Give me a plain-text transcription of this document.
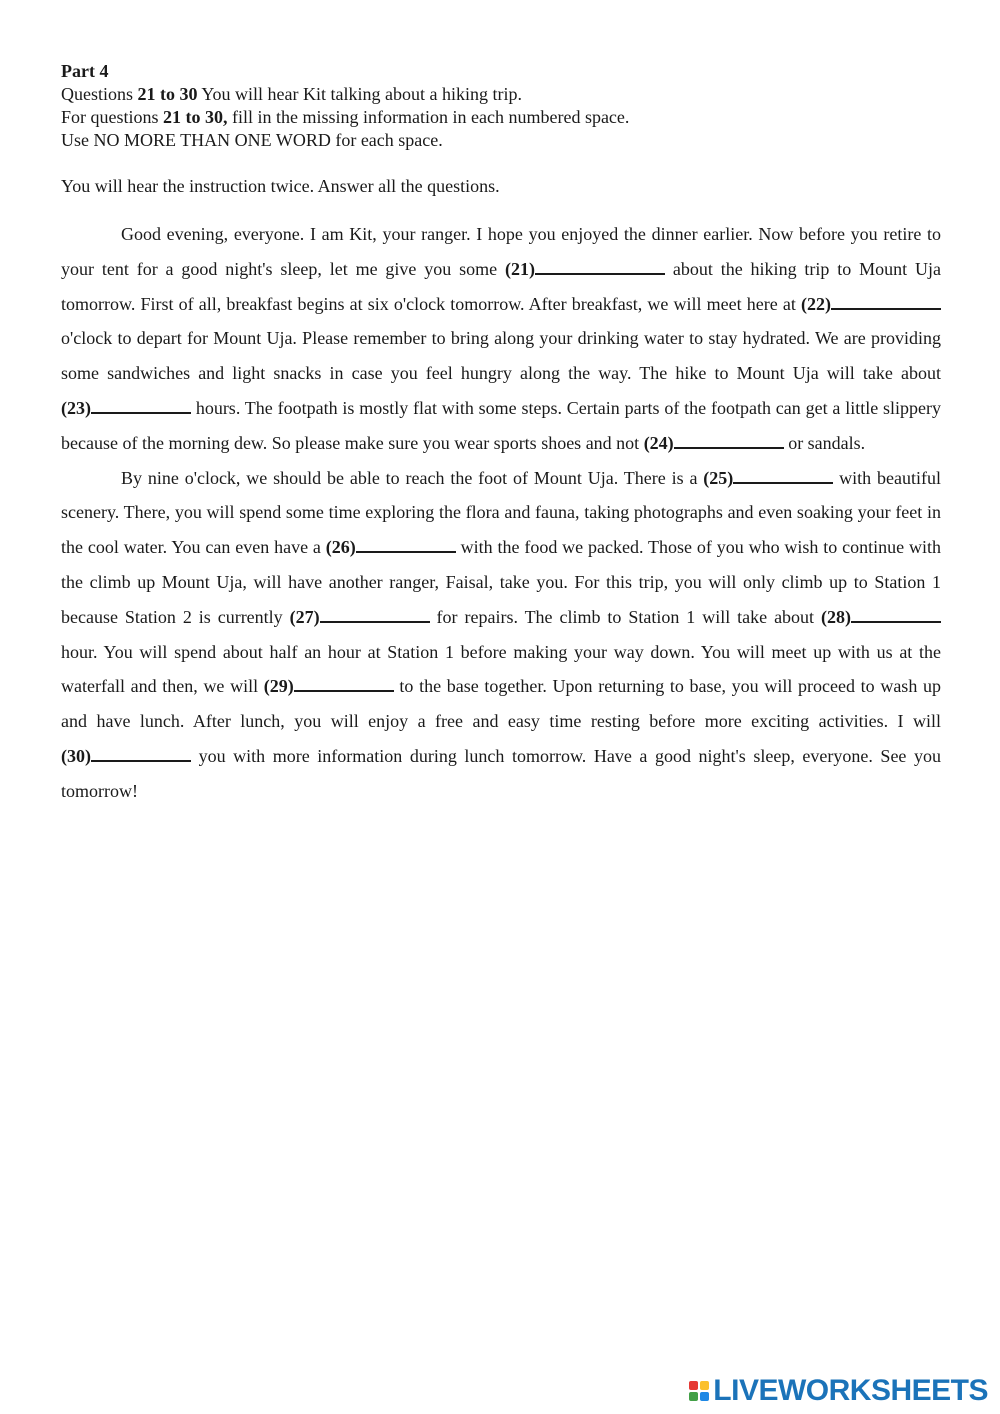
Part 4

Questions 21 to 30 You will hear Kit talking about a hiking trip.

For questions 21 to 30, fill in the missing information in each numbered space.

Use NO MORE THAN ONE WORD for each space.

You will hear the instruction twice. Answer all the questions.

Good evening, everyone. I am Kit, your ranger. I hope you enjoyed the dinner earlier. Now before you retire to your tent for a good night's sleep, let me give you some (21)	about the hiking trip to Mount Uja tomorrow. First of all, breakfast begins at six o'clock tomorrow. After breakfast, we will meet here at (22) o'clock to depart for Mount Uja. Please remember to bring along your drinking water to stay hydrated. We are providing some sandwiches and light snacks in case you feel hungry along the way. The hike to Mount Uja will take about (23)	hours. The footpath is mostly flat with some steps. Certain parts of the footpath can get a little slippery because of the morning dew. So please make sure you wear sports shoes and not (24)	or sandals.

By nine o'clock, we should be able to reach the foot of Mount Uja. There is a (25)	with beautiful scenery. There, you will spend some time exploring the flora and fauna, taking photographs and even soaking your feet in the cool water. You can even have a (26)	with the food we packed. Those of you who wish to continue with the climb up Mount Uja, will have another ranger, Faisal, take you. For this trip, you will only climb up to Station 1 because Station 2 is currently (27)	for repairs. The climb to Station 1 will take about (28) hour. You will spend about half an hour at Station 1 before making your way down. You will meet up with us at the waterfall and then, we will (29)	to the base together. Upon returning to base, you will proceed to wash up and have lunch. After lunch, you will enjoy a free and easy time resting before more exciting activities. I will (30)	you with more information during lunch tomorrow. Have a good night's sleep, everyone. See you tomorrow!

LIVEWORKSHEETS
